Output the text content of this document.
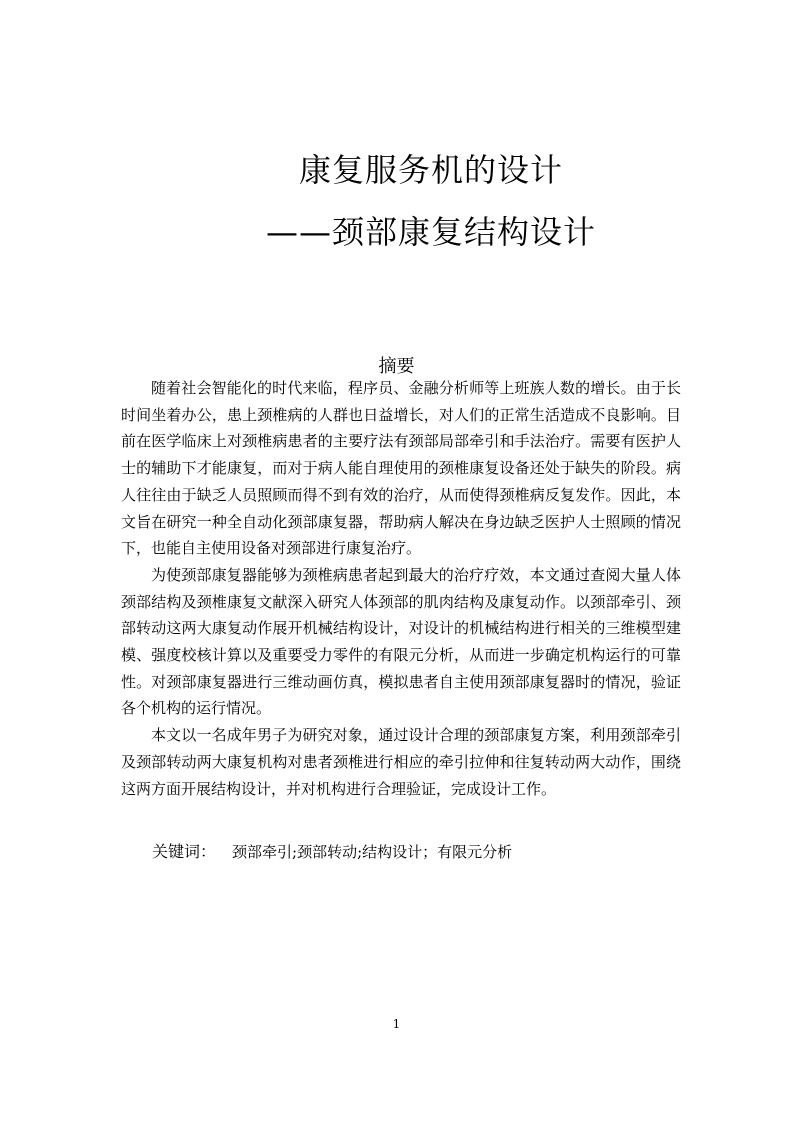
康复服务机的设计
——颈部康复结构设计
摘要

随着社会智能化的时代来临，程序员、金融分析师等上班族人数的增长。由于长时间坐着办公，患上颈椎病的人群也日益增长，对人们的正常生活造成不良影响。目前在医学临床上对颈椎病患者的主要疗法有颈部局部牵引和手法治疗。需要有医护人士的辅助下才能康复，而对于病人能自理使用的颈椎康复设备还处于缺失的阶段。病人往往由于缺乏人员照顾而得不到有效的治疗，从而使得颈椎病反复发作。因此，本文旨在研究一种全自动化颈部康复器，帮助病人解决在身边缺乏医护人士照顾的情况下，也能自主使用设备对颈部进行康复治疗。

为使颈部康复器能够为颈椎病患者起到最大的治疗疗效，本文通过查阅大量人体颈部结构及颈椎康复文献深入研究人体颈部的肌肉结构及康复动作。以颈部牵引、颈部转动这两大康复动作展开机械结构设计，对设计的机械结构进行相关的三维模型建模、强度校核计算以及重要受力零件的有限元分析，从而进一步确定机构运行的可靠性。对颈部康复器进行三维动画仿真，模拟患者自主使用颈部康复器时的情况，验证各个机构的运行情况。

本文以一名成年男子为研究对象，通过设计合理的颈部康复方案，利用颈部牵引及颈部转动两大康复机构对患者颈椎进行相应的牵引拉伸和往复转动两大动作，围绕这两方面开展结构设计，并对机构进行合理验证，完成设计工作。

关键词： 颈部牵引;颈部转动;结构设计；有限元分析
1
